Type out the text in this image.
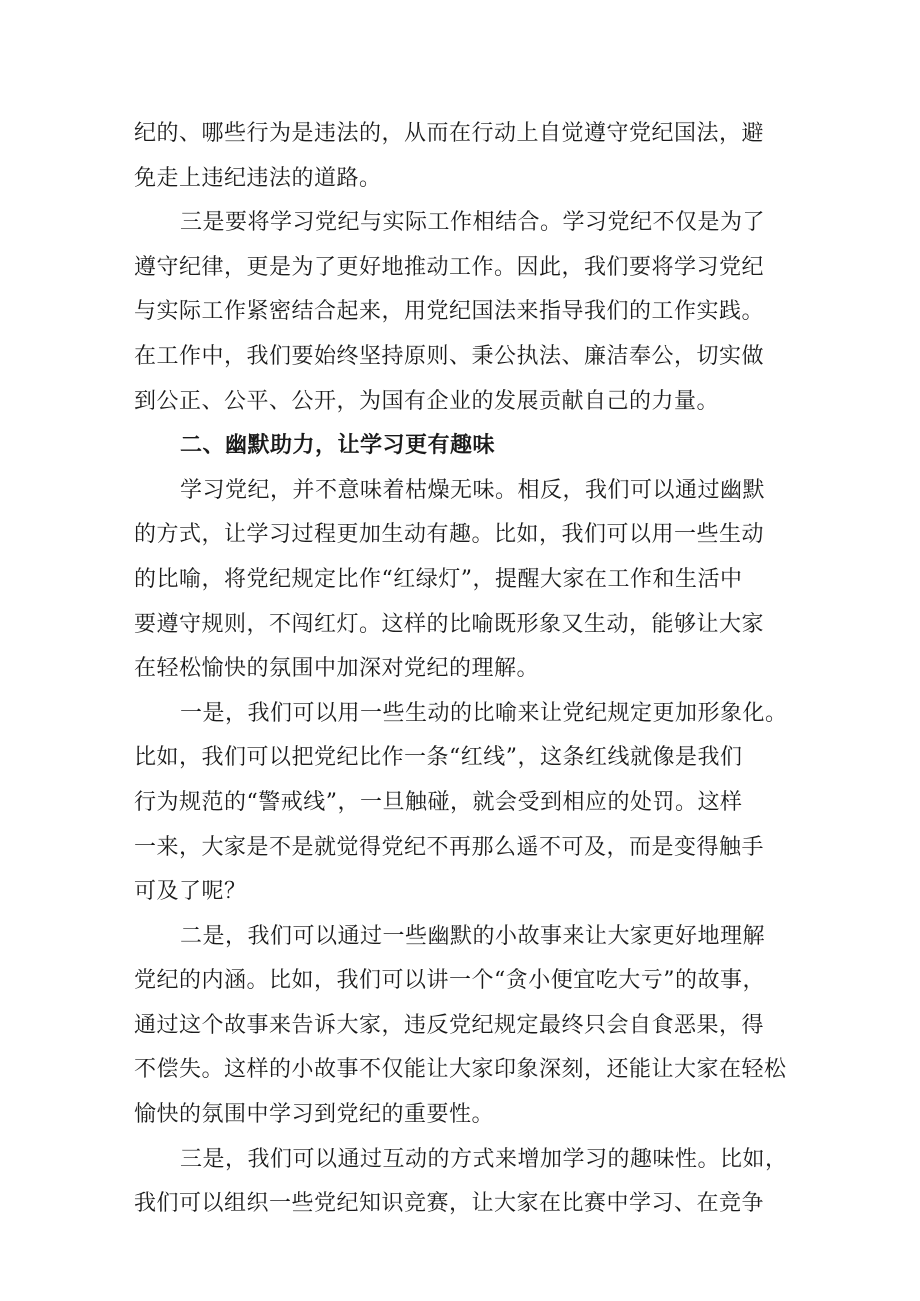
纪的、哪些行为是违法的，从而在行动上自觉遵守党纪国法，避
免走上违纪违法的道路。
三是要将学习党纪与实际工作相结合。学习党纪不仅是为了
遵守纪律，更是为了更好地推动工作。因此，我们要将学习党纪
与实际工作紧密结合起来，用党纪国法来指导我们的工作实践。
在工作中，我们要始终坚持原则、秉公执法、廉洁奉公，切实做
到公正、公平、公开，为国有企业的发展贡献自己的力量。
二、幽默助力，让学习更有趣味
学习党纪，并不意味着枯燥无味。相反，我们可以通过幽默
的方式，让学习过程更加生动有趣。比如，我们可以用一些生动
的比喻，将党纪规定比作“红绿灯”，提醒大家在工作和生活中
要遵守规则，不闯红灯。这样的比喻既形象又生动，能够让大家
在轻松愉快的氛围中加深对党纪的理解。
一是，我们可以用一些生动的比喻来让党纪规定更加形象化。
比如，我们可以把党纪比作一条“红线”，这条红线就像是我们
行为规范的“警戒线”，一旦触碰，就会受到相应的处罚。这样
一来，大家是不是就觉得党纪不再那么遥不可及，而是变得触手
可及了呢？
二是，我们可以通过一些幽默的小故事来让大家更好地理解
党纪的内涵。比如，我们可以讲一个“贪小便宜吃大亏”的故事，
通过这个故事来告诉大家，违反党纪规定最终只会自食恶果，得
不偿失。这样的小故事不仅能让大家印象深刻，还能让大家在轻松
愉快的氛围中学习到党纪的重要性。
三是，我们可以通过互动的方式来增加学习的趣味性。比如，
我们可以组织一些党纪知识竞赛，让大家在比赛中学习、在竞争
